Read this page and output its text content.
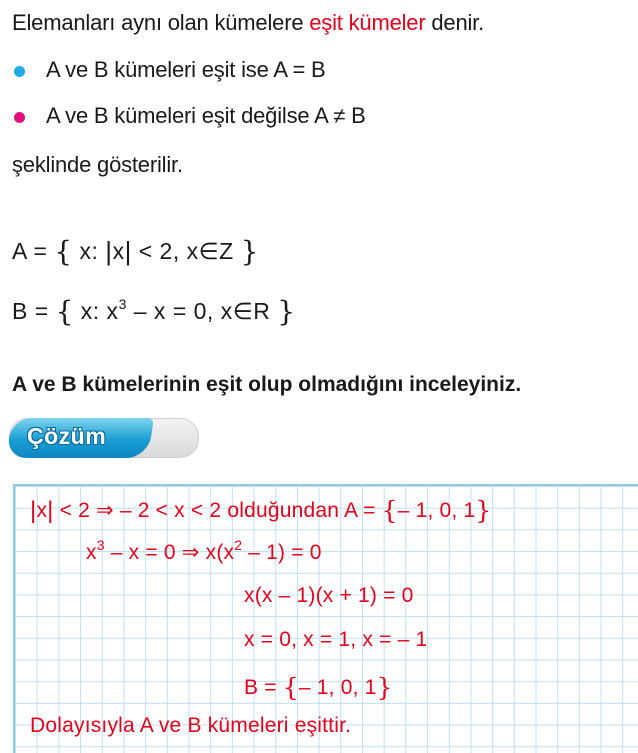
Elemanları aynı olan kümelere eşit kümeler denir.
A ve B kümeleri eşit ise A = B
A ve B kümeleri eşit değilse A ≠ B
şeklinde gösterilir.
A = { x: |x| < 2, x∈Z }
B = { x: $x^3 - x = 0$, x∈R }
A ve B kümelerinin eşit olup olmadığını inceleyiniz.
Çözüm
|x| < 2 ⇒ – 2 < x < 2 olduğundan A = {– 1, 0, 1}
$x^3 - x = 0$ ⇒ $x(x^2 - 1) = 0$
x(x – 1)(x + 1) = 0
x = 0, x = 1, x = – 1
B = {– 1, 0, 1}
Dolayısıyla A ve B kümeleri eşittir.
